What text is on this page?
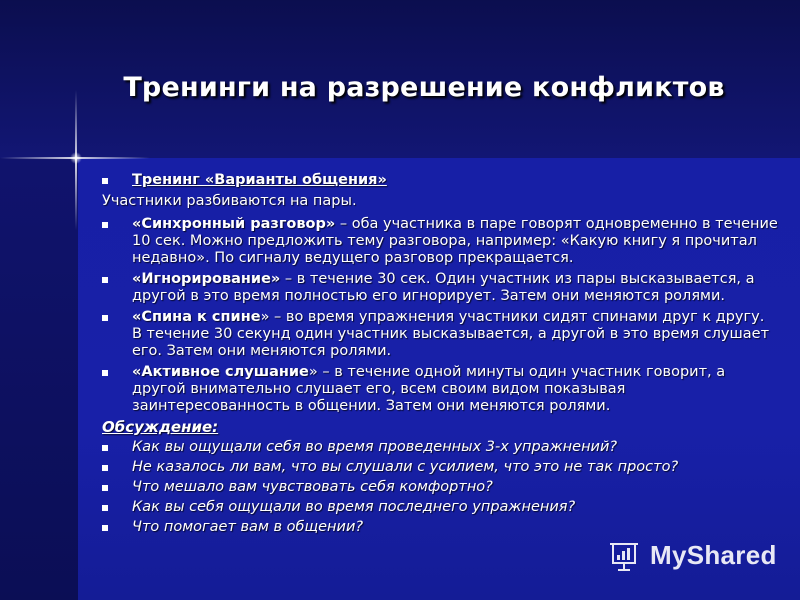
Тренинги на разрешение конфликтов
Тренинг «Варианты общения»
Участники разбиваются на пары.
«Синхронный разговор» – оба участника в паре говорят одновременно в течение 10 сек. Можно предложить тему разговора, например: «Какую книгу я прочитал недавно». По сигналу ведущего разговор прекращается.
«Игнорирование» – в течение 30 сек. Один участник из пары высказывается, а другой в это время полностью его игнорирует. Затем они меняются ролями.
«Спина к спине» – во время упражнения участники сидят спинами друг к другу. В течение 30 секунд один участник высказывается, а другой в это время слушает его. Затем они меняются ролями.
«Активное слушание» – в течение одной минуты один участник говорит, а другой внимательно слушает его, всем своим видом показывая заинтересованность в общении. Затем они меняются ролями.
Обсуждение:
Как вы ощущали себя во время проведенных 3-х упражнений?
Не казалось ли вам, что вы слушали с усилием, что это не так просто?
Что мешало вам чувствовать себя комфортно?
Как вы себя ощущали во время последнего упражнения?
Что помогает вам в общении?
MyShared
